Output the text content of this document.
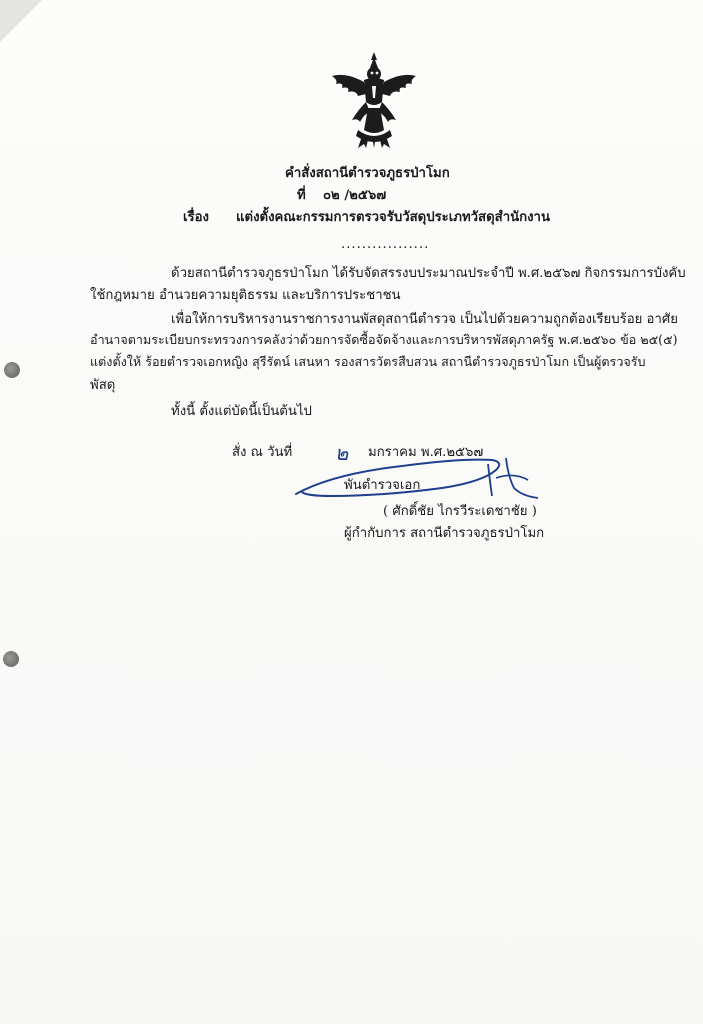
คำสั่งสถานีตำรวจภูธรป่าโมก
ที่ ๐๒ /๒๕๖๗
เรื่อง แต่งตั้งคณะกรรมการตรวจรับวัสดุประเภทวัสดุสำนักงาน
.................
ด้วยสถานีตำรวจภูธรป่าโมก ได้รับจัดสรรงบประมาณประจำปี พ.ศ.๒๕๖๗ กิจกรรมการบังคับ
ใช้กฎหมาย อำนวยความยุติธรรม และบริการประชาชน
เพื่อให้การบริหารงานราชการงานพัสดุสถานีตำรวจ เป็นไปด้วยความถูกต้องเรียบร้อย อาศัย
อำนาจตามระเบียบกระทรวงการคลังว่าด้วยการจัดซื้อจัดจ้างและการบริหารพัสดุภาครัฐ พ.ศ.๒๕๖๐ ข้อ ๒๕(๕)
แต่งตั้งให้ ร้อยตำรวจเอกหญิง สุรีรัตน์ เสนหา รองสารวัตรสืบสวน สถานีตำรวจภูธรป่าโมก เป็นผู้ตรวจรับ
พัสดุ
ทั้งนี้ ตั้งแต่บัดนี้เป็นต้นไป
สั่ง ณ วันที่ ๒ มกราคม พ.ศ.๒๕๖๗
พันตำรวจเอก
( ศักดิ์ชัย ไกรวีระเดชาชัย )
ผู้กำกับการ สถานีตำรวจภูธรป่าโมก
